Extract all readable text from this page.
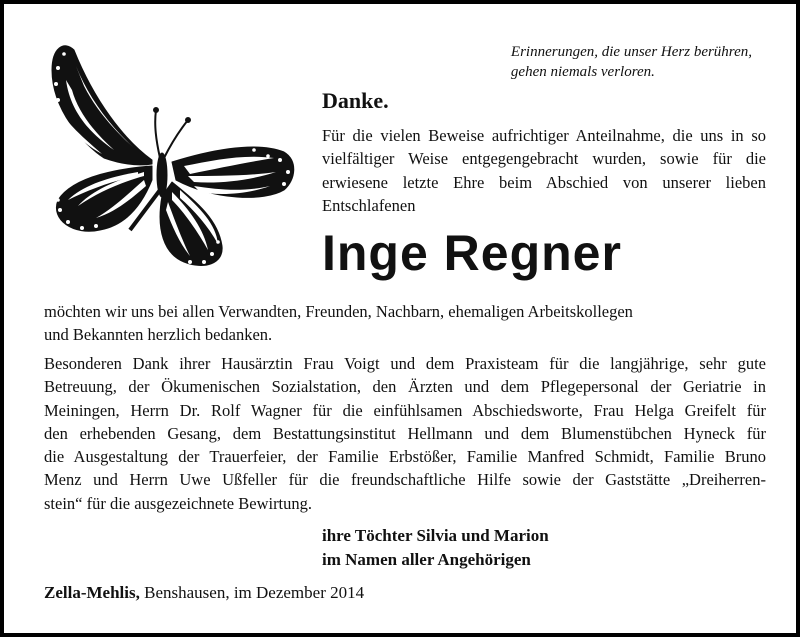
Erinnerungen, die unser Herz berühren,
gehen niemals verloren.
Danke.

Für die vielen Beweise aufrichtiger Anteilnahme, die uns in so vielfältiger Weise entgegengebracht wurden, sowie für die erwiesene letzte Ehre beim Abschied von unserer lieben Entschlafenen

Inge Regner

möchten wir uns bei allen Verwandten, Freunden, Nachbarn, ehemaligen Arbeitskollegen
und Bekannten herzlich bedanken.

Besonderen Dank ihrer Hausärztin Frau Voigt und dem Praxisteam für die langjährige, sehr gute
Betreuung, der Ökumenischen Sozialstation, den Ärzten und dem Pflegepersonal der Geriatrie in
Meiningen, Herrn Dr. Rolf Wagner für die einfühlsamen Abschiedsworte, Frau Helga Greifelt für
den erhebenden Gesang, dem Bestattungsinstitut Hellmann und dem Blumenstübchen Hyneck für
die Ausgestaltung der Trauerfeier, der Familie Erbstößer, Familie Manfred Schmidt, Familie Bruno
Menz und Herrn Uwe Ußfeller für die freundschaftliche Hilfe sowie der Gaststätte „Dreiherren-
stein“ für die ausgezeichnete Bewirtung.

ihre Töchter Silvia und Marion
im Namen aller Angehörigen

Zella-Mehlis, Benshausen, im Dezember 2014
